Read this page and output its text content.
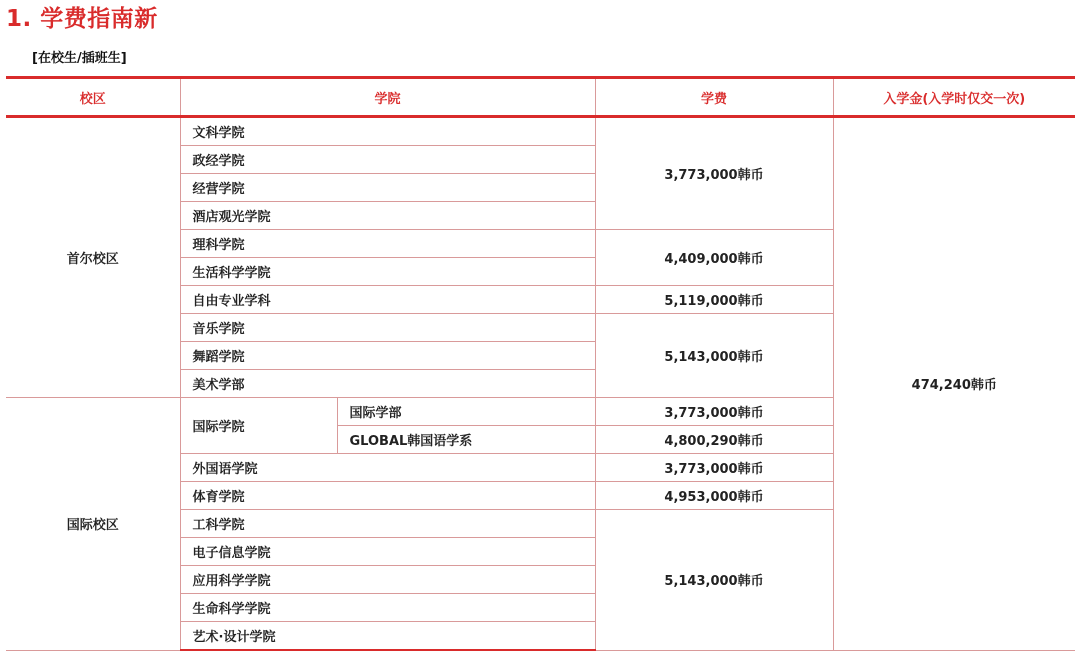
1. 学费指南新
[在校生/插班生]
校区	学院		学费	入学金(入学时仅交一次)
首尔校区	文科学院		3,773,000韩币	474,240韩币
	政经学院			
	经营学院			
	酒店观光学院			
	理科学院		4,409,000韩币	
	生活科学学院			
	自由专业学科		5,119,000韩币	
	音乐学院		5,143,000韩币	
	舞蹈学院			
	美术学部			
国际校区	国际学院	国际学部	3,773,000韩币	
		GLOBAL韩国语学系	4,800,290韩币	
	外国语学院		3,773,000韩币	
	体育学院		4,953,000韩币	
	工科学院		5,143,000韩币	
	电子信息学院			
	应用科学学院			
	生命科学学院			
	艺术·设计学院			
